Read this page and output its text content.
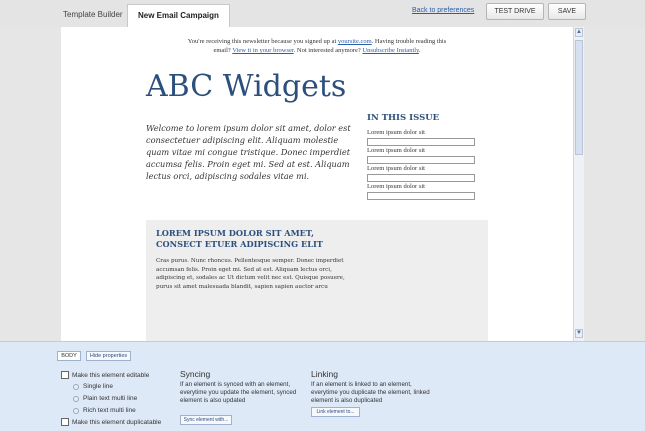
Template Builder	New Email Campaign
Back to preferences	TEST DRIVE	SAVE
You're receiving this newsletter because you signed up at yoursite.com. Having trouble reading this
email? View it in your browser. Not interested anymore? Unsubscribe Instantly.
ABC Widgets
Welcome to lorem ipsum dolor sit amet, dolor est consectetuer adipiscing elit. Aliquam molestie quam vitae mi congue tristique. Donec imperdiet accumsa felis. Proin eget mi. Sed at est. Aliquam lectus orci, adipiscing sodales vitae mi.
IN THIS ISSUE
Lorem ipsum dolor sit
Lorem ipsum dolor sit
Lorem ipsum dolor sit
Lorem ipsum dolor sit
LOREM IPSUM DOLOR SIT AMET, CONSECT ETUER ADIPISCING ELIT
Cras purus. Nunc rhoncus. Pellentesque semper. Donec imperdiet accumsan felis. Proin eget mi. Sed at est. Aliquam lectus orci, adipiscing et, sodales ac Ut dictum velit nec est. Quisque posuere, purus sit amet malesuada blandit, sapien sapien auctor arcu
▲
▼
BODY	Hide properties
Make this element editable
Single line
Plain text multi line
Rich text multi line
Make this element duplicatable
Syncing
If an element is synced with an element, everytime you update the element, synced element is also updated
Sync element with...
Linking
If an element is linked to an element, everytime you duplicate the element, linked element is also duplicated
Link element to...
